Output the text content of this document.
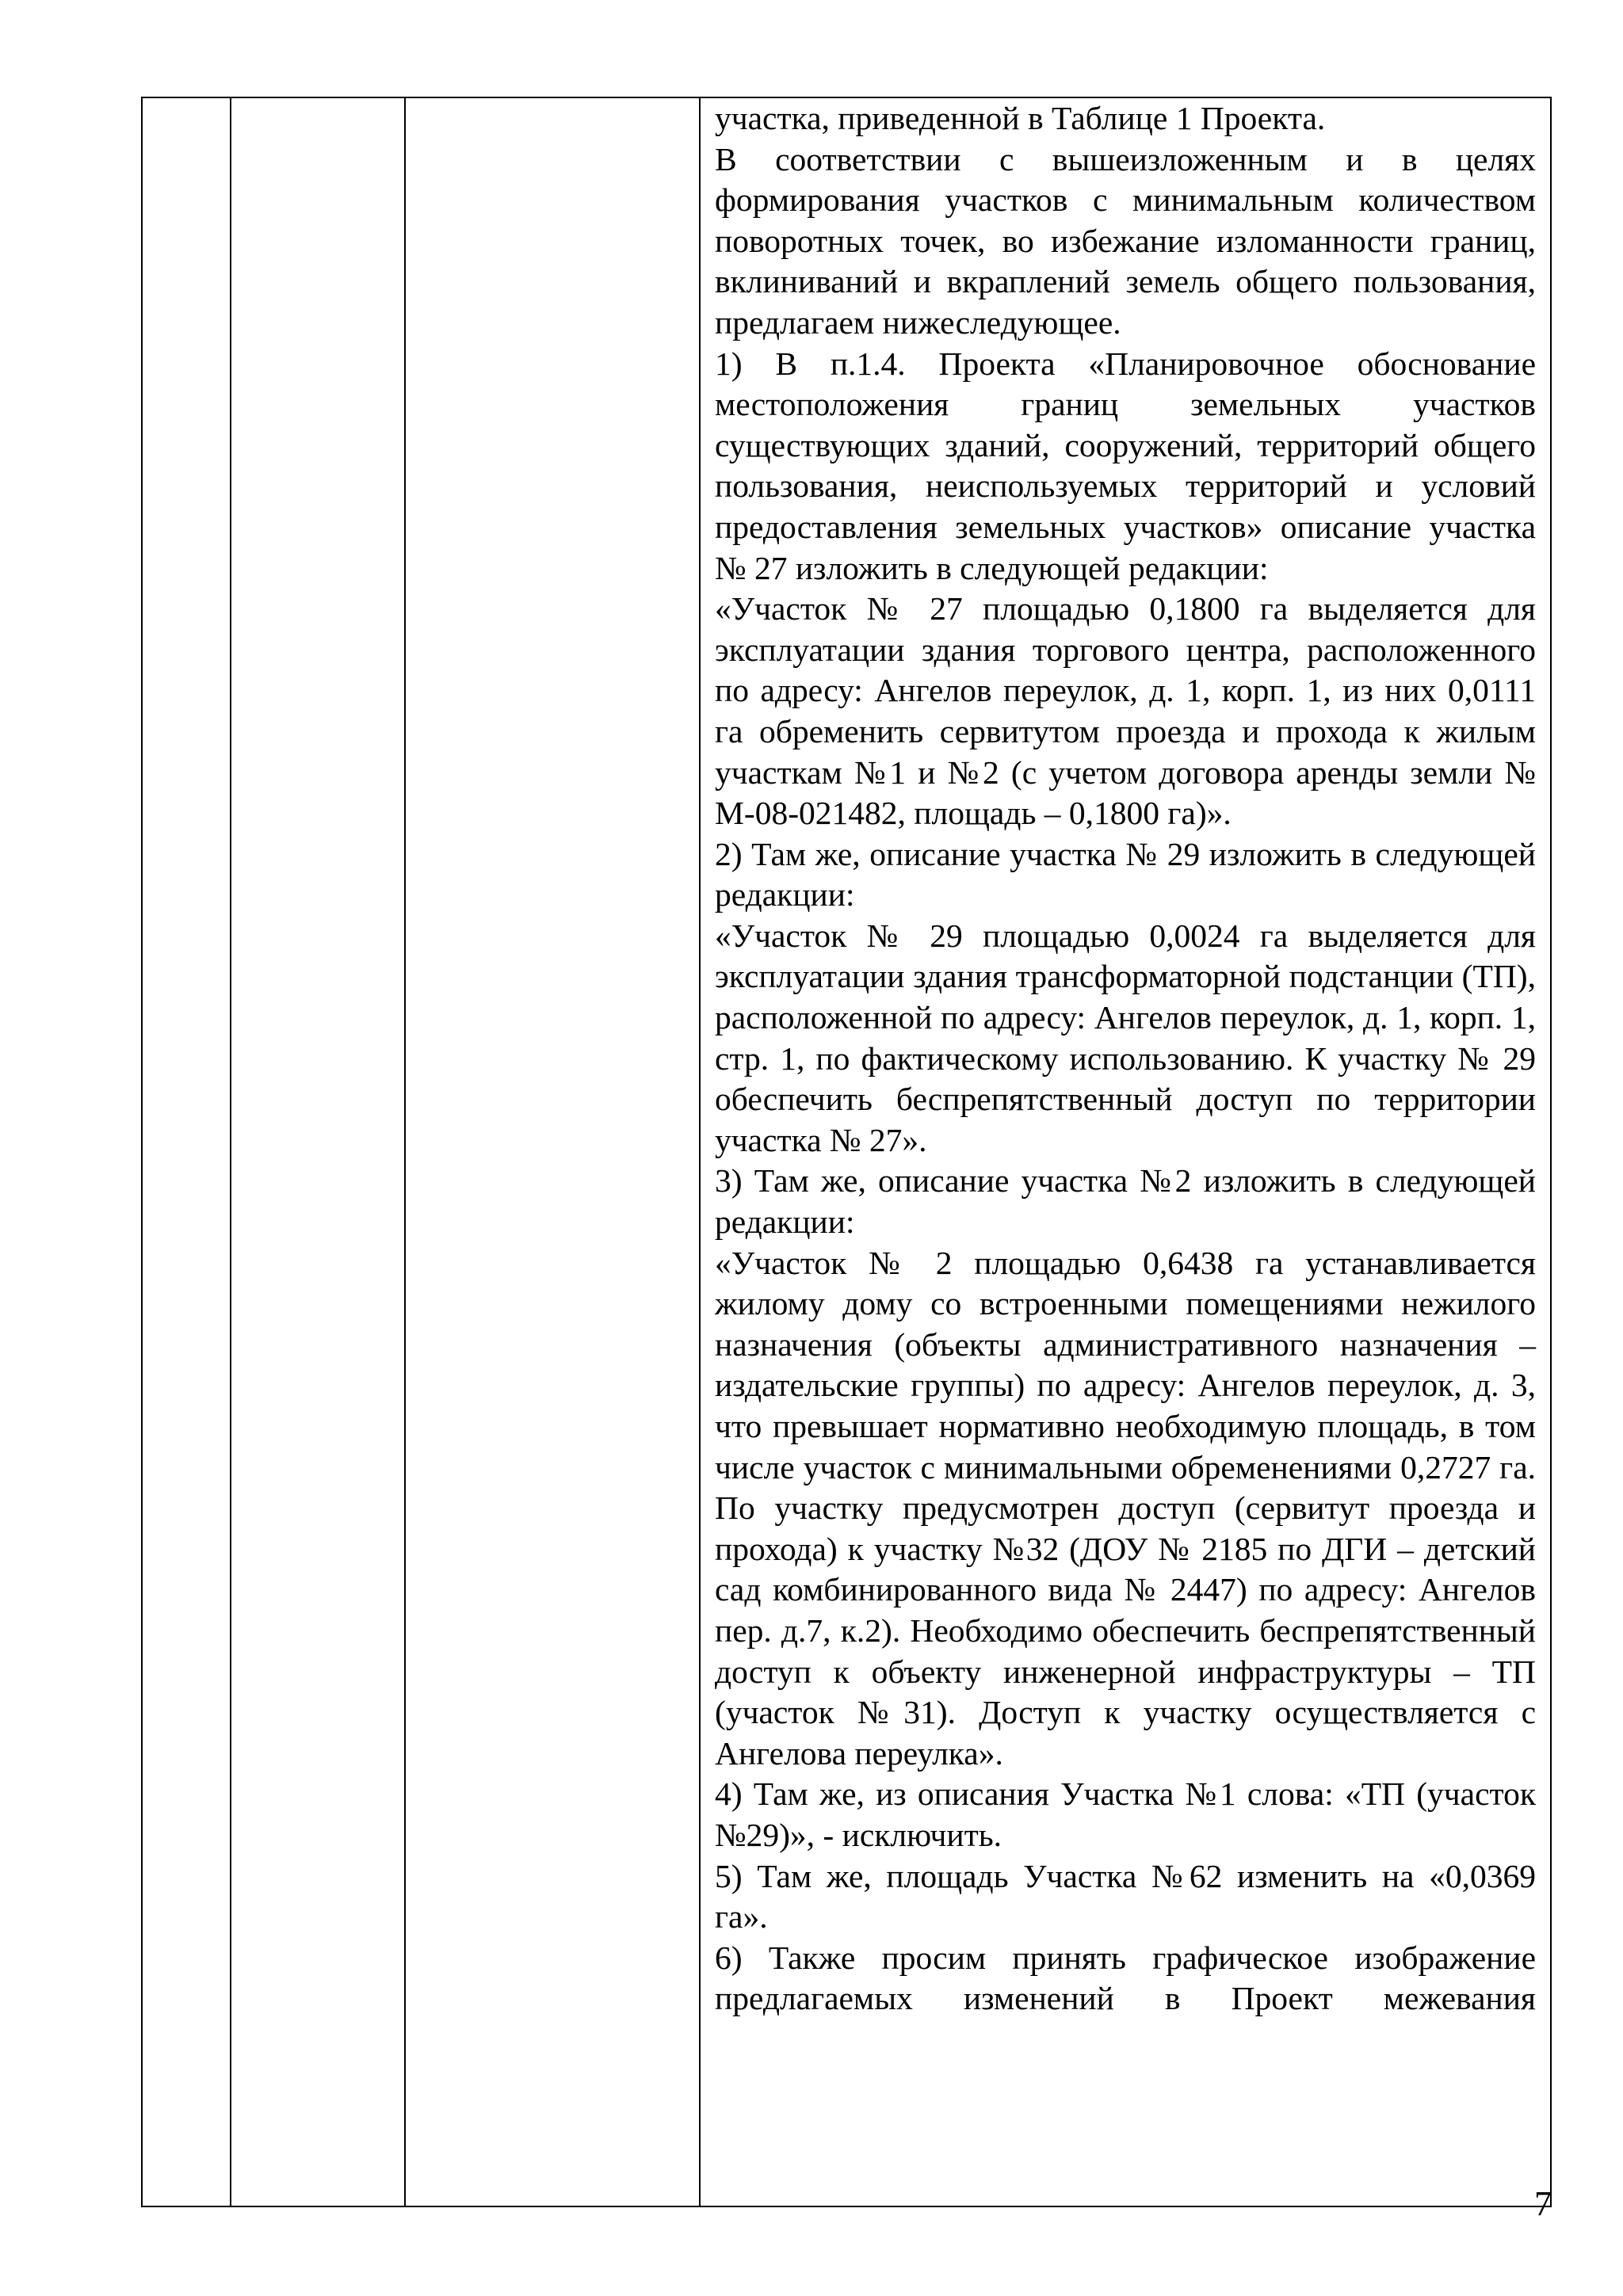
участка, приведенной в Таблице 1 Проекта.

В соответствии с вышеизложенным и в целях формирования участков с минимальным количеством поворотных точек, во избежание изломанности границ, вклиниваний и вкраплений земель общего пользования, предлагаем нижеследующее.

1) В п.1.4. Проекта «Планировочное обоснование местоположения границ земельных участков существующих зданий, сооружений, территорий общего пользования, неиспользуемых территорий и условий предоставления земельных участков» описание участка № 27 изложить в следующей редакции:

«Участок № 27 площадью 0,1800 га выделяется для эксплуатации здания торгового центра, расположенного по адресу: Ангелов переулок, д. 1, корп. 1, из них 0,0111 га обременить сервитутом проезда и прохода к жилым участкам №1 и №2 (с учетом договора аренды земли № М-08-021482, площадь – 0,1800 га)».

2) Там же, описание участка № 29 изложить в следующей редакции:

«Участок № 29 площадью 0,0024 га выделяется для эксплуатации здания трансформаторной подстанции (ТП), расположенной по адресу: Ангелов переулок, д. 1, корп. 1, стр. 1, по фактическому использованию. К участку № 29 обеспечить беспрепятственный доступ по территории участка № 27».

3) Там же, описание участка №2 изложить в следующей редакции:

«Участок № 2 площадью 0,6438 га устанавливается жилому дому со встроенными помещениями нежилого назначения (объекты административного назначения – издательские группы) по адресу: Ангелов переулок, д. 3, что превышает нормативно необходимую площадь, в том числе участок с минимальными обременениями 0,2727 га. По участку предусмотрен доступ (сервитут проезда и прохода) к участку №32 (ДОУ № 2185 по ДГИ – детский сад комбинированного вида № 2447) по адресу: Ангелов пер. д.7, к.2). Необходимо обеспечить беспрепятственный доступ к объекту инженерной инфраструктуры – ТП (участок №31). Доступ к участку осуществляется с Ангелова переулка».

4) Там же, из описания Участка №1 слова: «ТП (участок №29)», - исключить.

5) Там же, площадь Участка №62 изменить на «0,0369 га».

6) Также просим принять графическое изображение предлагаемых изменений в Проект межевания

7
